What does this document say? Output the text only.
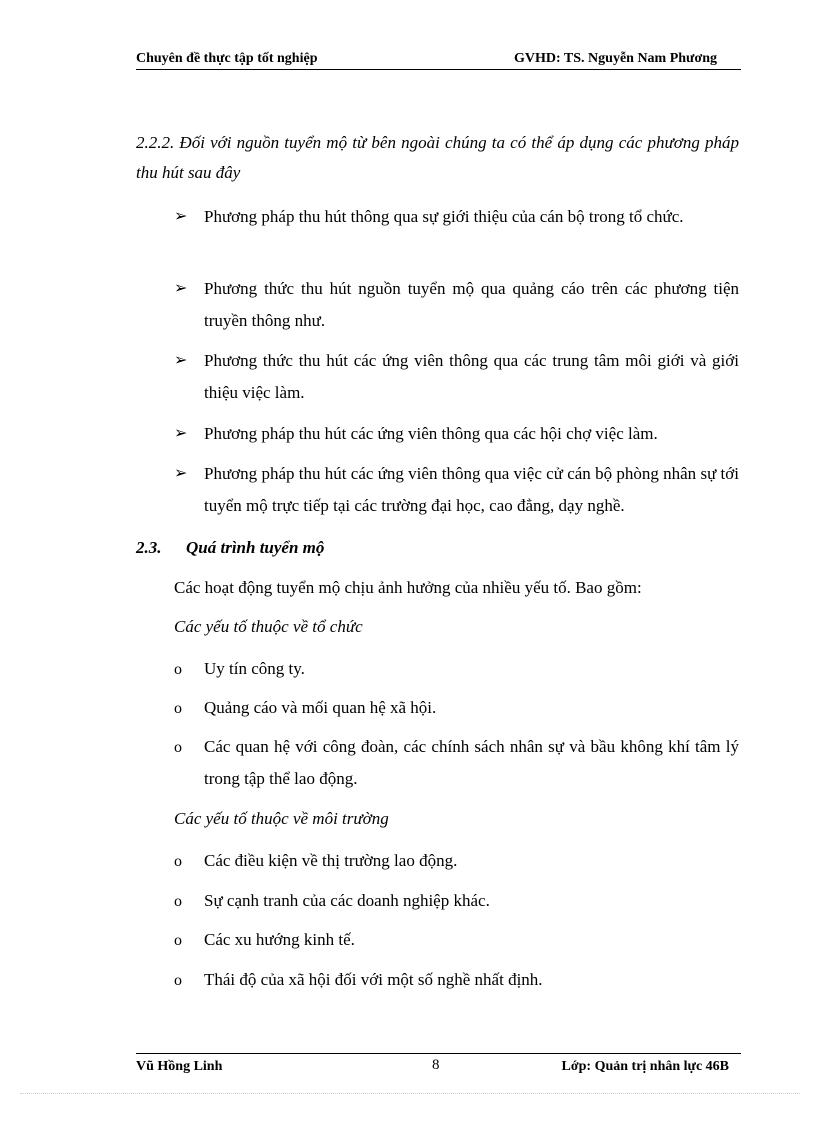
Chuyên đề thực tập tốt nghiệp	GVHD: TS. Nguyễn Nam Phương
2.2.2. Đối với nguồn tuyển mộ từ bên ngoài chúng ta có thể áp dụng các phương pháp thu hút sau đây
➢ Phương pháp thu hút thông qua sự giới thiệu của cán bộ trong tổ chức.
➢ Phương thức thu hút nguồn tuyển mộ qua quảng cáo trên các phương tiện truyền thông như.
➢ Phương thức thu hút các ứng viên thông qua các trung tâm môi giới và giới thiệu việc làm.
➢ Phương pháp thu hút các ứng viên thông qua các hội chợ việc làm.
➢ Phương pháp thu hút các ứng viên thông qua việc cử cán bộ phòng nhân sự tới tuyển mộ trực tiếp tại các trường đại học, cao đẳng, dạy nghề.
2.3. Quá trình tuyển mộ
Các hoạt động tuyển mộ chịu ảnh hưởng của nhiều yếu tố. Bao gồm:
Các yếu tố thuộc về tổ chức
o	Uy tín công ty.
o	Quảng cáo và mối quan hệ xã hội.
o	Các quan hệ với công đoàn, các chính sách nhân sự và bầu không khí tâm lý trong tập thể lao động.
Các yếu tố thuộc về môi trường
o	Các điều kiện về thị trường lao động.
o	Sự cạnh tranh của các doanh nghiệp khác.
o	Các xu hướng kinh tế.
o	Thái độ của xã hội đối với một số nghề nhất định.
Vũ Hồng Linh	8	Lớp: Quản trị nhân lực 46B
